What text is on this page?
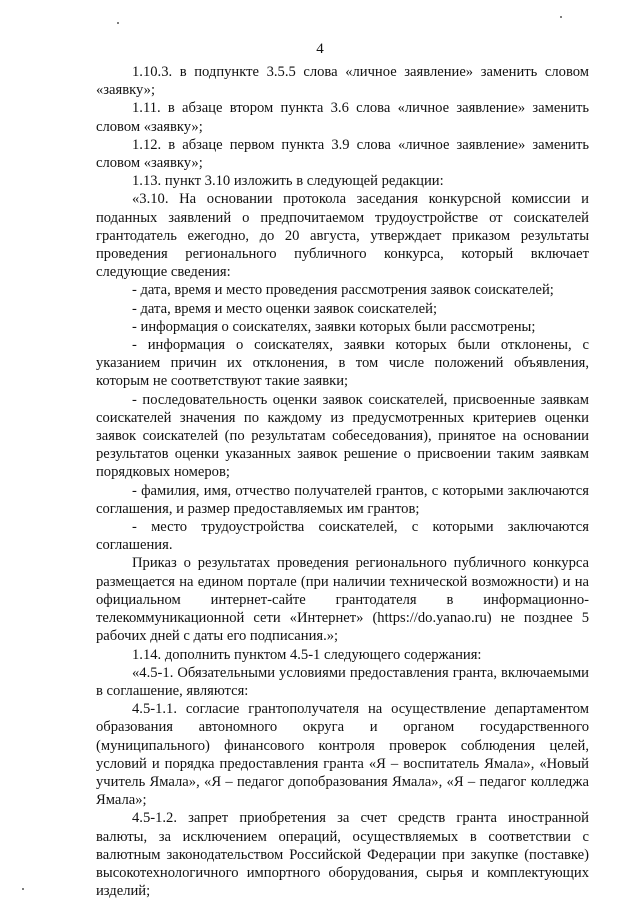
4

1.10.3. в подпункте 3.5.5 слова «личное заявление» заменить словом «заявку»;

1.11. в абзаце втором пункта 3.6 слова «личное заявление» заменить словом «заявку»;

1.12. в абзаце первом пункта 3.9 слова «личное заявление» заменить словом «заявку»;

1.13. пункт 3.10 изложить в следующей редакции:

«3.10. На основании протокола заседания конкурсной комиссии и поданных заявлений о предпочитаемом трудоустройстве от соискателей грантодатель ежегодно, до 20 августа, утверждает приказом результаты проведения регионального публичного конкурса, который включает следующие сведения:

- дата, время и место проведения рассмотрения заявок соискателей;

- дата, время и место оценки заявок соискателей;

- информация о соискателях, заявки которых были рассмотрены;

- информация о соискателях, заявки которых были отклонены, с указанием причин их отклонения, в том числе положений объявления, которым не соответствуют такие заявки;

- последовательность оценки заявок соискателей, присвоенные заявкам соискателей значения по каждому из предусмотренных критериев оценки заявок соискателей (по результатам собеседования), принятое на основании результатов оценки указанных заявок решение о присвоении таким заявкам порядковых номеров;

- фамилия, имя, отчество получателей грантов, с которыми заключаются соглашения, и размер предоставляемых им грантов;

- место трудоустройства соискателей, с которыми заключаются соглашения.

Приказ о результатах проведения регионального публичного конкурса размещается на едином портале (при наличии технической возможности) и на официальном интернет-сайте грантодателя в информационно-телекоммуникационной сети «Интернет» (https://do.yanao.ru) не позднее 5 рабочих дней с даты его подписания.»;

1.14. дополнить пунктом 4.5-1 следующего содержания:

«4.5-1. Обязательными условиями предоставления гранта, включаемыми в соглашение, являются:

4.5-1.1. согласие грантополучателя на осуществление департаментом образования автономного округа и органом государственного (муниципального) финансового контроля проверок соблюдения целей, условий и порядка предоставления гранта «Я – воспитатель Ямала», «Новый учитель Ямала», «Я – педагог допобразования Ямала», «Я – педагог колледжа Ямала»;

4.5-1.2. запрет приобретения за счет средств гранта иностранной валюты, за исключением операций, осуществляемых в соответствии с валютным законодательством Российской Федерации при закупке (поставке) высокотехнологичного импортного оборудования, сырья и комплектующих изделий;
